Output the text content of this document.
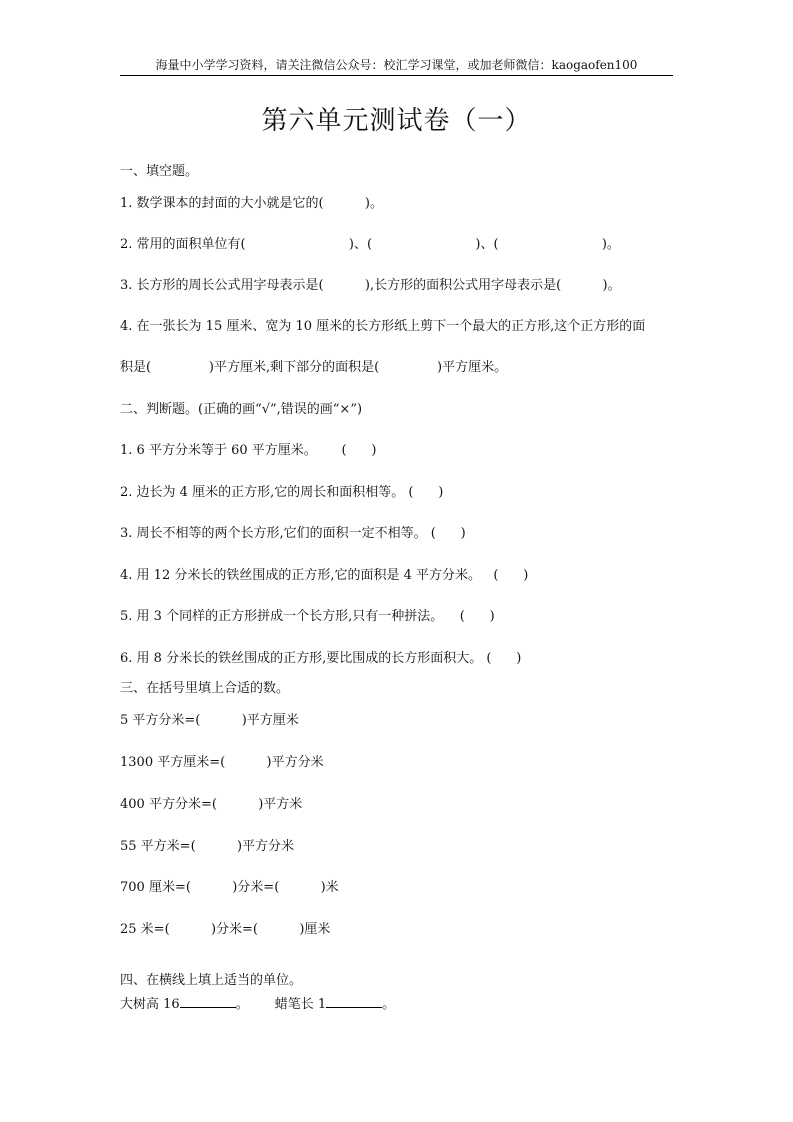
海量中小学学习资料，请关注微信公众号：校汇学习课堂，或加老师微信：kaogaofen100
第六单元测试卷（一）
一、填空题。
1. 数学课本的封面的大小就是它的(          )。
2. 常用的面积单位有(                         )、(                         )、(                         )。
3. 长方形的周长公式用字母表示是(          ),长方形的面积公式用字母表示是(          )。
4. 在一张长为 15 厘米、宽为 10 厘米的长方形纸上剪下一个最大的正方形,这个正方形的面
积是(              )平方厘米,剩下部分的面积是(              )平方厘米。
二、判断题。(正确的画“√”,错误的画“×”)
1. 6 平方分米等于 60 平方厘米。      (      )
2. 边长为 4 厘米的正方形,它的周长和面积相等。 (      )
3. 周长不相等的两个长方形,它们的面积一定不相等。 (      )
4. 用 12 分米长的铁丝围成的正方形,它的面积是 4 平方分米。   (      )
5. 用 3 个同样的正方形拼成一个长方形,只有一种拼法。    (      )
6. 用 8 分米长的铁丝围成的正方形,要比围成的长方形面积大。 (      )
三、在括号里填上合适的数。
5 平方分米=(          )平方厘米
1300 平方厘米=(          )平方分米
400 平方分米=(          )平方米
55 平方米=(          )平方分米
700 厘米=(          )分米=(          )米
25 米=(          )分米=(          )厘米
四、在横线上填上适当的单位。
大树高 16	。 蜡笔长 1	。
